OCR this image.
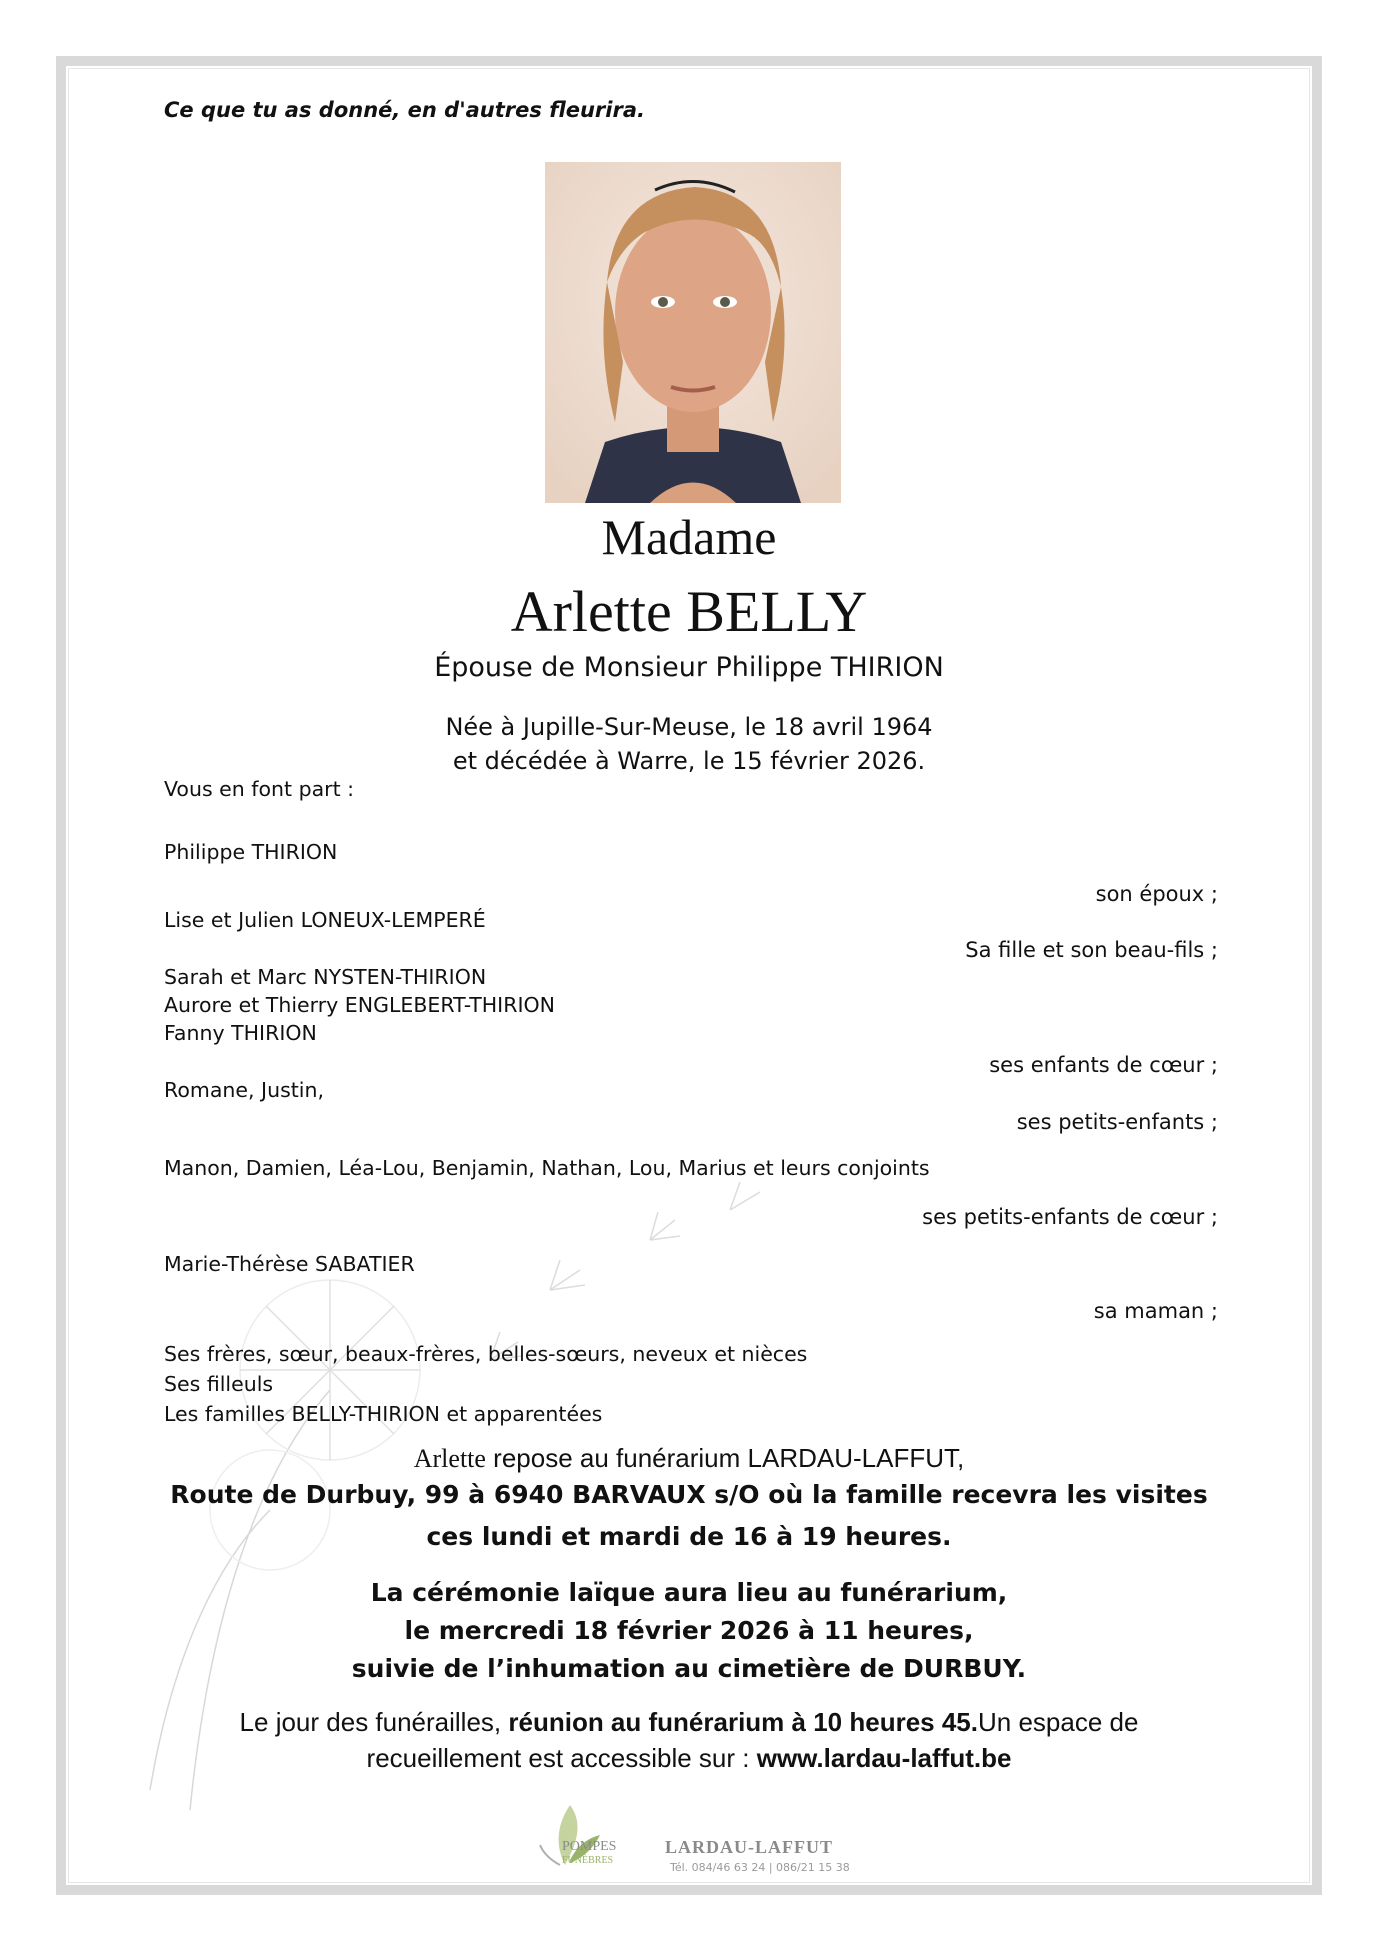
Ce que tu as donné, en d'autres fleurira.
Madame
Arlette BELLY
Épouse de Monsieur Philippe THIRION
Née à Jupille-Sur-Meuse, le 18 avril 1964
et décédée à Warre, le 15 février 2026.
Vous en font part :
Philippe THIRION
son époux ;
Lise et Julien LONEUX-LEMPERÉ
Sa fille et son beau-fils ;
Sarah et Marc NYSTEN-THIRION
Aurore et Thierry ENGLEBERT-THIRION
Fanny THIRION
ses enfants de cœur ;
Romane, Justin,
ses petits-enfants ;
Manon, Damien, Léa-Lou, Benjamin, Nathan, Lou, Marius et leurs conjoints
ses petits-enfants de cœur ;
Marie-Thérèse SABATIER
sa maman ;
Ses frères, sœur, beaux-frères, belles-sœurs, neveux et nièces
Ses filleuls
Les familles BELLY-THIRION et apparentées
Arlette repose au funérarium LARDAU-LAFFUT,
Route de Durbuy, 99 à 6940 BARVAUX s/O où la famille recevra les visites
ces lundi et mardi de 16 à 19 heures.
La cérémonie laïque aura lieu au funérarium,
le mercredi 18 février 2026 à 11 heures,
suivie de l’inhumation au cimetière de DURBUY.
Le jour des funérailles, réunion au funérarium à 10 heures 45.Un espace de
recueillement est accessible sur : www.lardau-laffut.be
POMPES
FUNÈBRES
LARDAU-LAFFUT
Tél. 084/46 63 24 | 086/21 15 38
